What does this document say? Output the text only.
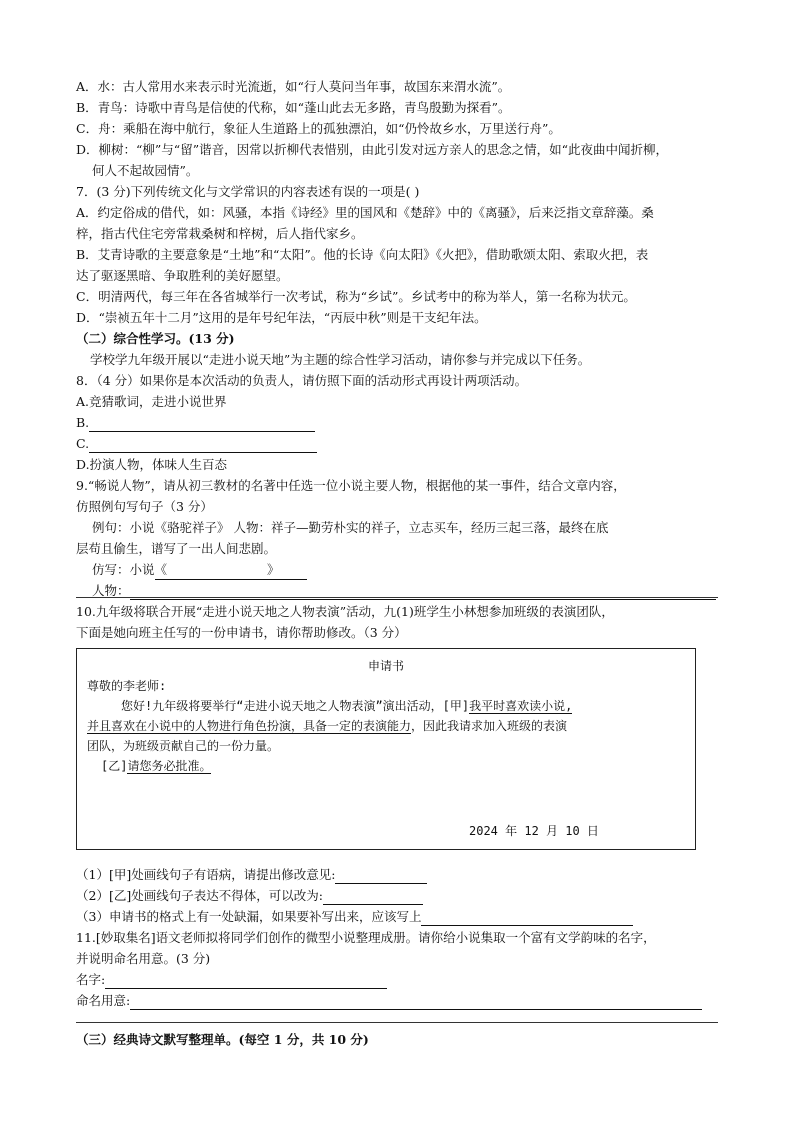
A．水：古人常用水来表示时光流逝，如“行人莫问当年事，故国东来渭水流”。
B．青鸟：诗歌中青鸟是信使的代称，如“蓬山此去无多路，青鸟殷勤为探看”。
C．舟：乘船在海中航行，象征人生道路上的孤独漂泊，如“仍怜故乡水，万里送行舟”。
D．柳树：“柳”与“留”谐音，因常以折柳代表惜别，由此引发对远方亲人的思念之情，如“此夜曲中闻折柳，
何人不起故园情”。
7．(3 分)下列传统文化与文学常识的内容表述有误的一项是( )
A．约定俗成的借代，如：风骚，本指《诗经》里的国风和《楚辞》中的《离骚》，后来泛指文章辞藻。桑
梓，指古代住宅旁常栽桑树和梓树，后人指代家乡。
B．艾青诗歌的主要意象是“土地”和“太阳”。他的长诗《向太阳》《火把》，借助歌颂太阳、索取火把，表
达了驱逐黑暗、争取胜利的美好愿望。
C．明清两代，每三年在各省城举行一次考试，称为“乡试”。乡试考中的称为举人，第一名称为状元。
D．“崇祯五年十二月”这用的是年号纪年法，“丙辰中秋”则是干支纪年法。
（二）综合性学习。(13 分)
学校学九年级开展以“走进小说天地”为主题的综合性学习活动，请你参与并完成以下任务。
8．（4 分）如果你是本次活动的负责人，请仿照下面的活动形式再设计两项活动。
A.竞猜歌词，走进小说世界
B.
C.
D.扮演人物，体味人生百态
9.“畅说人物”，请从初三教材的名著中任选一位小说主要人物，根据他的某一事件，结合文章内容，
仿照例句写句子（3 分）
例句：小说《骆驼祥子》 人物：祥子—勤劳朴实的祥子，立志买车，经历三起三落，最终在底
层苟且偷生，谱写了一出人间悲剧。
仿写：小说《	》
人物：
10.九年级将联合开展“走进小说天地之人物表演”活动，九(1)班学生小林想参加班级的表演团队，
下面是她向班主任写的一份申请书，请你帮助修改。（3 分）
申请书
尊敬的李老师:
您好!九年级将要举行“走进小说天地之人物表演”演出活动，[甲]我平时喜欢读小说,
并且喜欢在小说中的人物进行角色扮演，具备一定的表演能力，因此我请求加入班级的表演
团队，为班级贡献自己的一份力量。
[乙]请您务必批准。
2024 年 12 月 10 日
（1）[甲]处画线句子有语病，请提出修改意见:
（2）[乙]处画线句子表达不得体，可以改为:
（3）申请书的格式上有一处缺漏，如果要补写出来，应该写上
11.[妙取集名]语文老师拟将同学们创作的微型小说整理成册。请你给小说集取一个富有文学韵味的名字，
并说明命名用意。(3 分)
名字:
命名用意:
（三）经典诗文默写整理单。(每空 1 分，共 10 分)
